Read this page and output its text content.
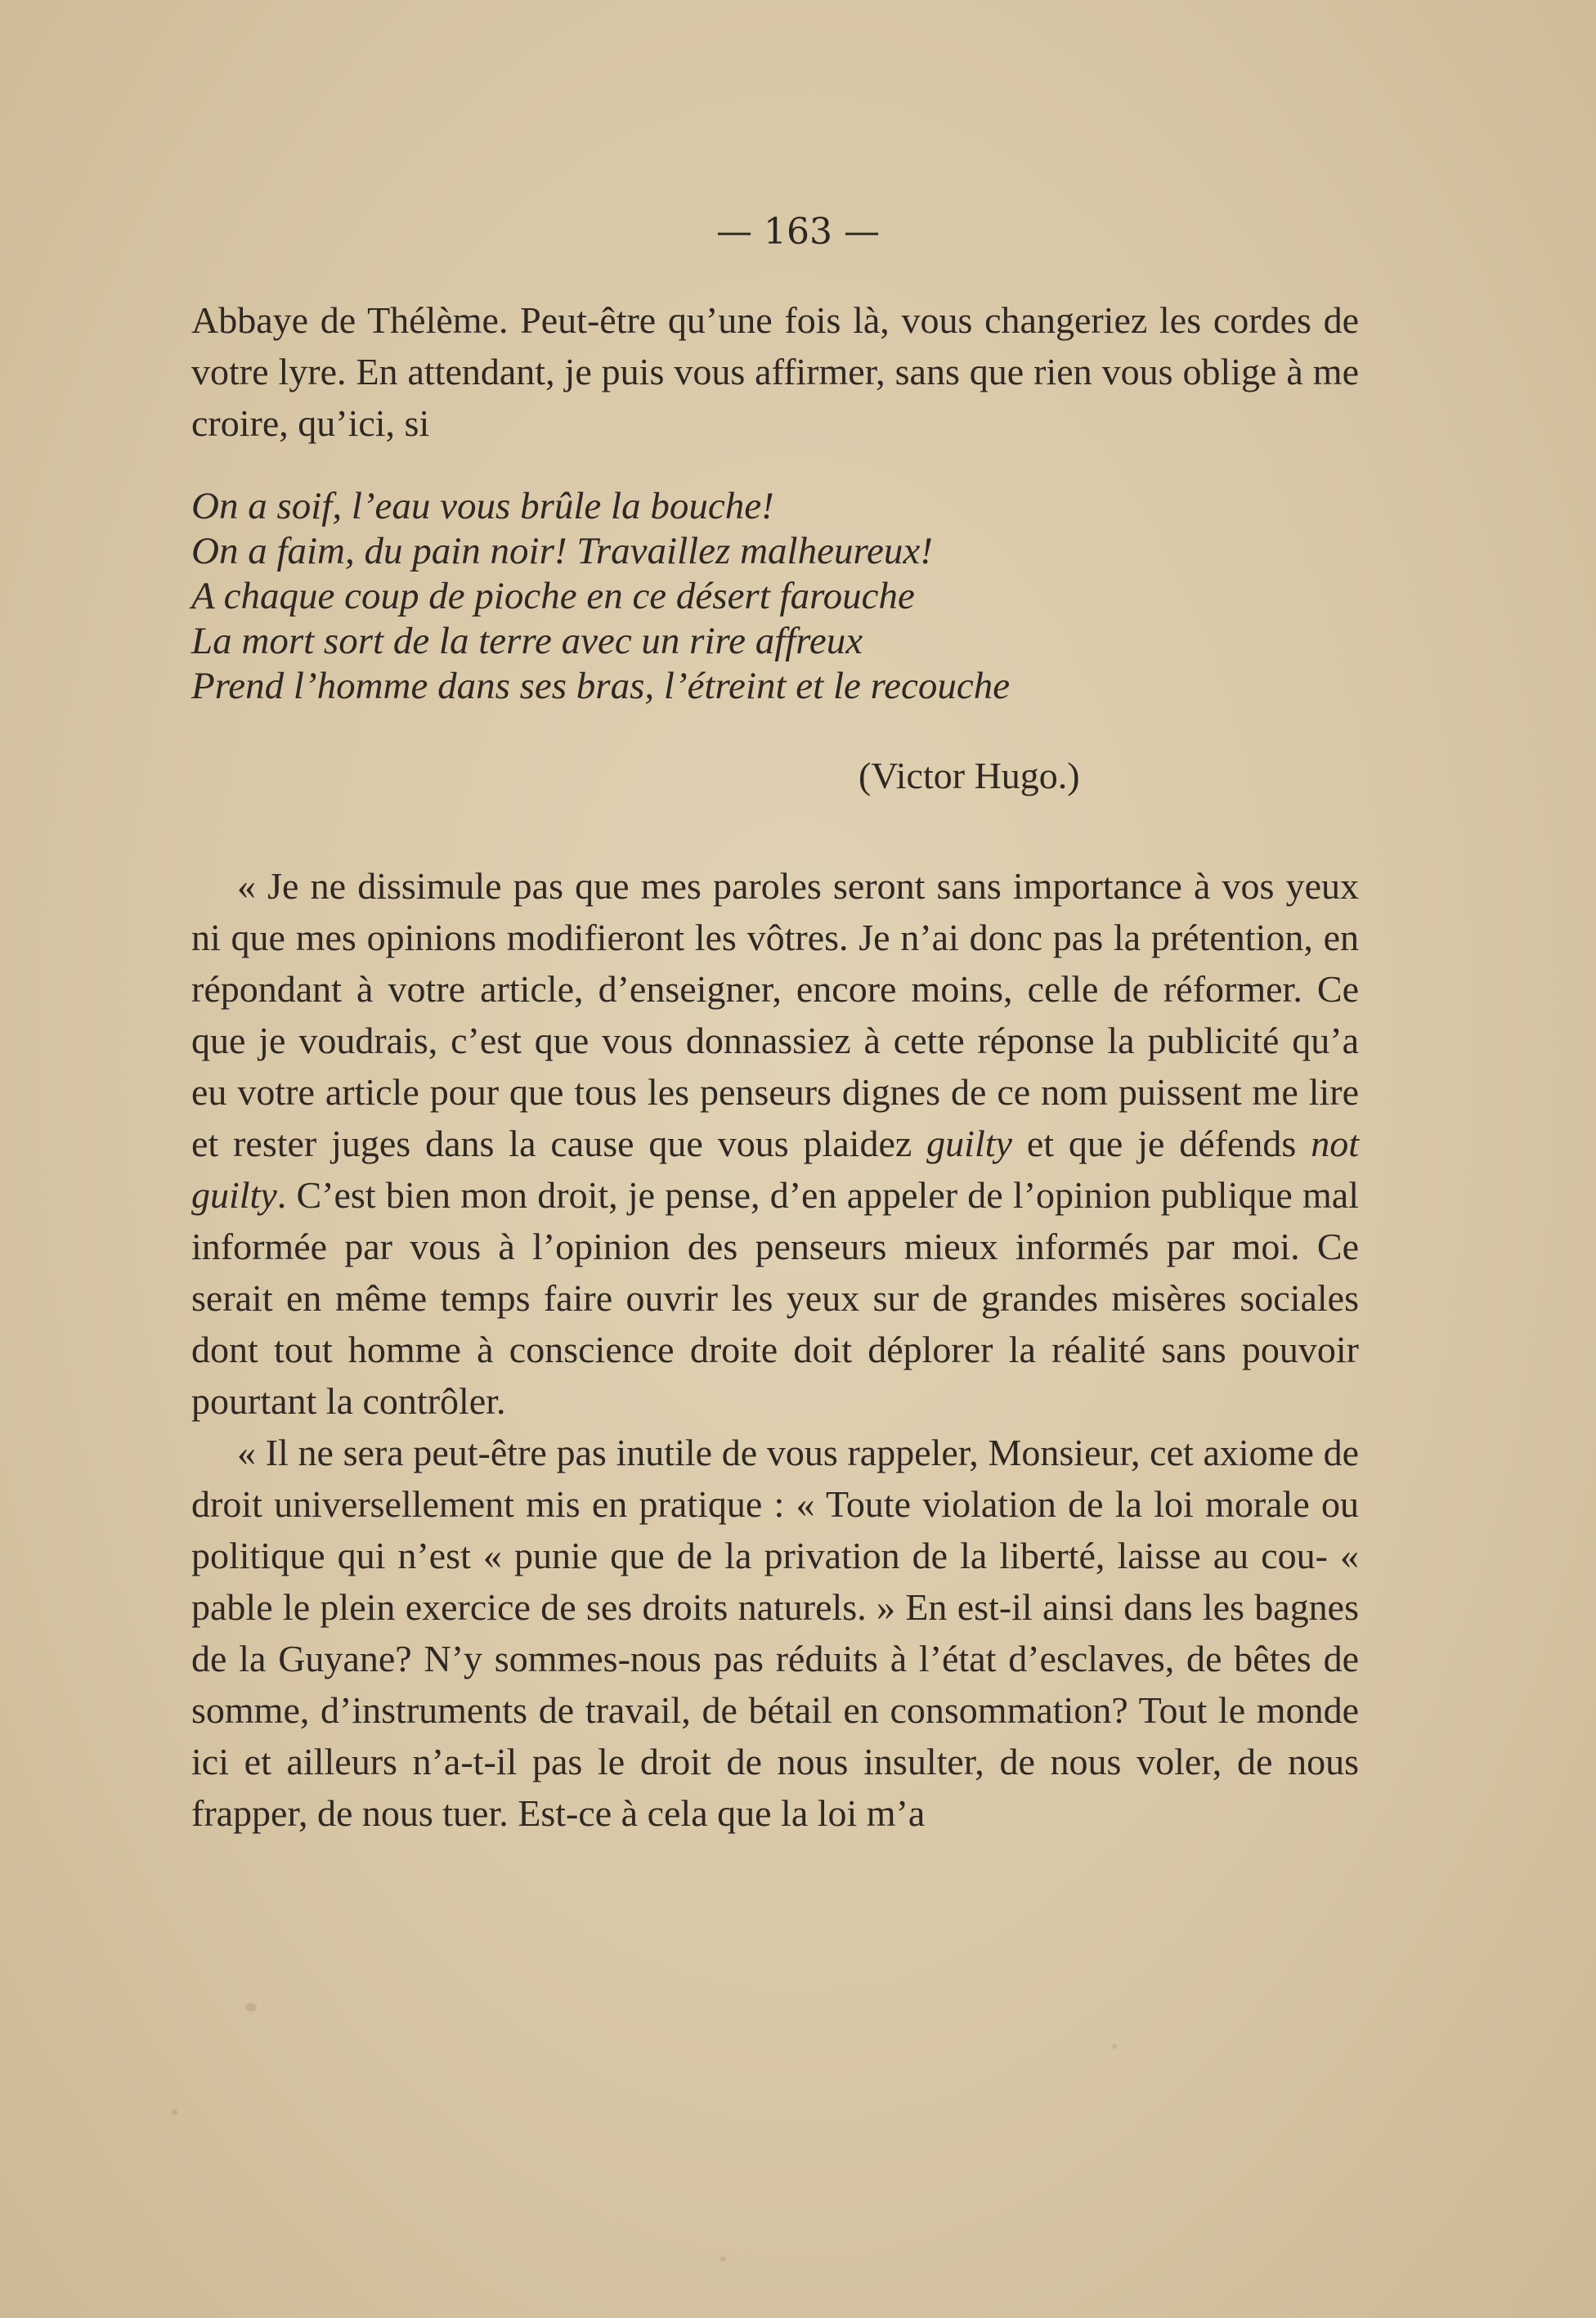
— 163 —

Abbaye de Thélème. Peut-être qu’une fois là, vous changeriez les cordes de votre lyre. En attendant, je puis vous affirmer, sans que rien vous oblige à me croire, qu’ici, si

On a soif, l’eau vous brûle la bouche!
On a faim, du pain noir! Travaillez malheureux!
A chaque coup de pioche en ce désert farouche
La mort sort de la terre avec un rire affreux
Prend l’homme dans ses bras, l’étreint et le recouche
(Victor Hugo.)

« Je ne dissimule pas que mes paroles seront sans importance à vos yeux ni que mes opinions modifieront les vôtres. Je n’ai donc pas la prétention, en répondant à votre article, d’enseigner, encore moins, celle de réformer. Ce que je voudrais, c’est que vous donnassiez à cette réponse la publicité qu’a eu votre article pour que tous les penseurs dignes de ce nom puissent me lire et rester juges dans la cause que vous plaidez guilty et que je défends not guilty. C’est bien mon droit, je pense, d’en appeler de l’opinion publique mal informée par vous à l’opinion des penseurs mieux informés par moi. Ce serait en même temps faire ouvrir les yeux sur de grandes misères sociales dont tout homme à conscience droite doit déplorer la réalité sans pouvoir pourtant la contrôler.

« Il ne sera peut-être pas inutile de vous rappeler, Monsieur, cet axiome de droit universellement mis en pratique : « Toute violation de la loi morale ou politique qui n’est « punie que de la privation de la liberté, laisse au cou- « pable le plein exercice de ses droits naturels. » En est-il ainsi dans les bagnes de la Guyane? N’y sommes-nous pas réduits à l’état d’esclaves, de bêtes de somme, d’instruments de travail, de bétail en consommation? Tout le monde ici et ailleurs n’a-t-il pas le droit de nous insulter, de nous voler, de nous frapper, de nous tuer. Est-ce à cela que la loi m’a
